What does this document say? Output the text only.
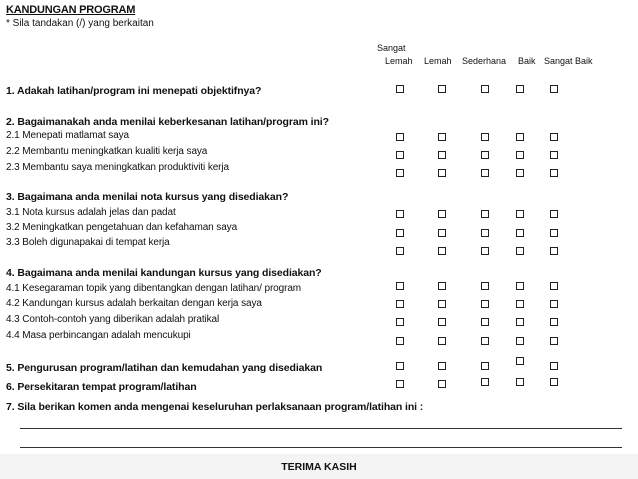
KANDUNGAN PROGRAM
* Sila tandakan (/) yang berkaitan
Sangat
Lemah Lemah Sederhana Baik Sangat Baik
1. Adakah latihan/program ini menepati objektifnya?
2. Bagaimanakah anda menilai keberkesanan latihan/program ini?
2.1 Menepati matlamat saya
2.2 Membantu meningkatkan kualiti kerja saya
2.3 Membantu saya meningkatkan produktiviti kerja
3. Bagaimana anda menilai nota kursus yang disediakan?
3.1 Nota kursus adalah jelas dan padat
3.2 Meningkatkan pengetahuan dan kefahaman saya
3.3 Boleh digunapakai di tempat kerja
4. Bagaimana anda menilai kandungan kursus yang disediakan?
4.1 Kesegaraman topik yang dibentangkan dengan latihan/ program
4.2 Kandungan kursus adalah berkaitan dengan kerja saya
4.3 Contoh-contoh yang diberikan adalah pratikal
4.4 Masa perbincangan adalah mencukupi
5. Pengurusan program/latihan dan kemudahan yang disediakan
6. Persekitaran tempat program/latihan
7. Sila berikan komen anda mengenai keseluruhan perlaksanaan program/latihan ini :
TERIMA KASIH
